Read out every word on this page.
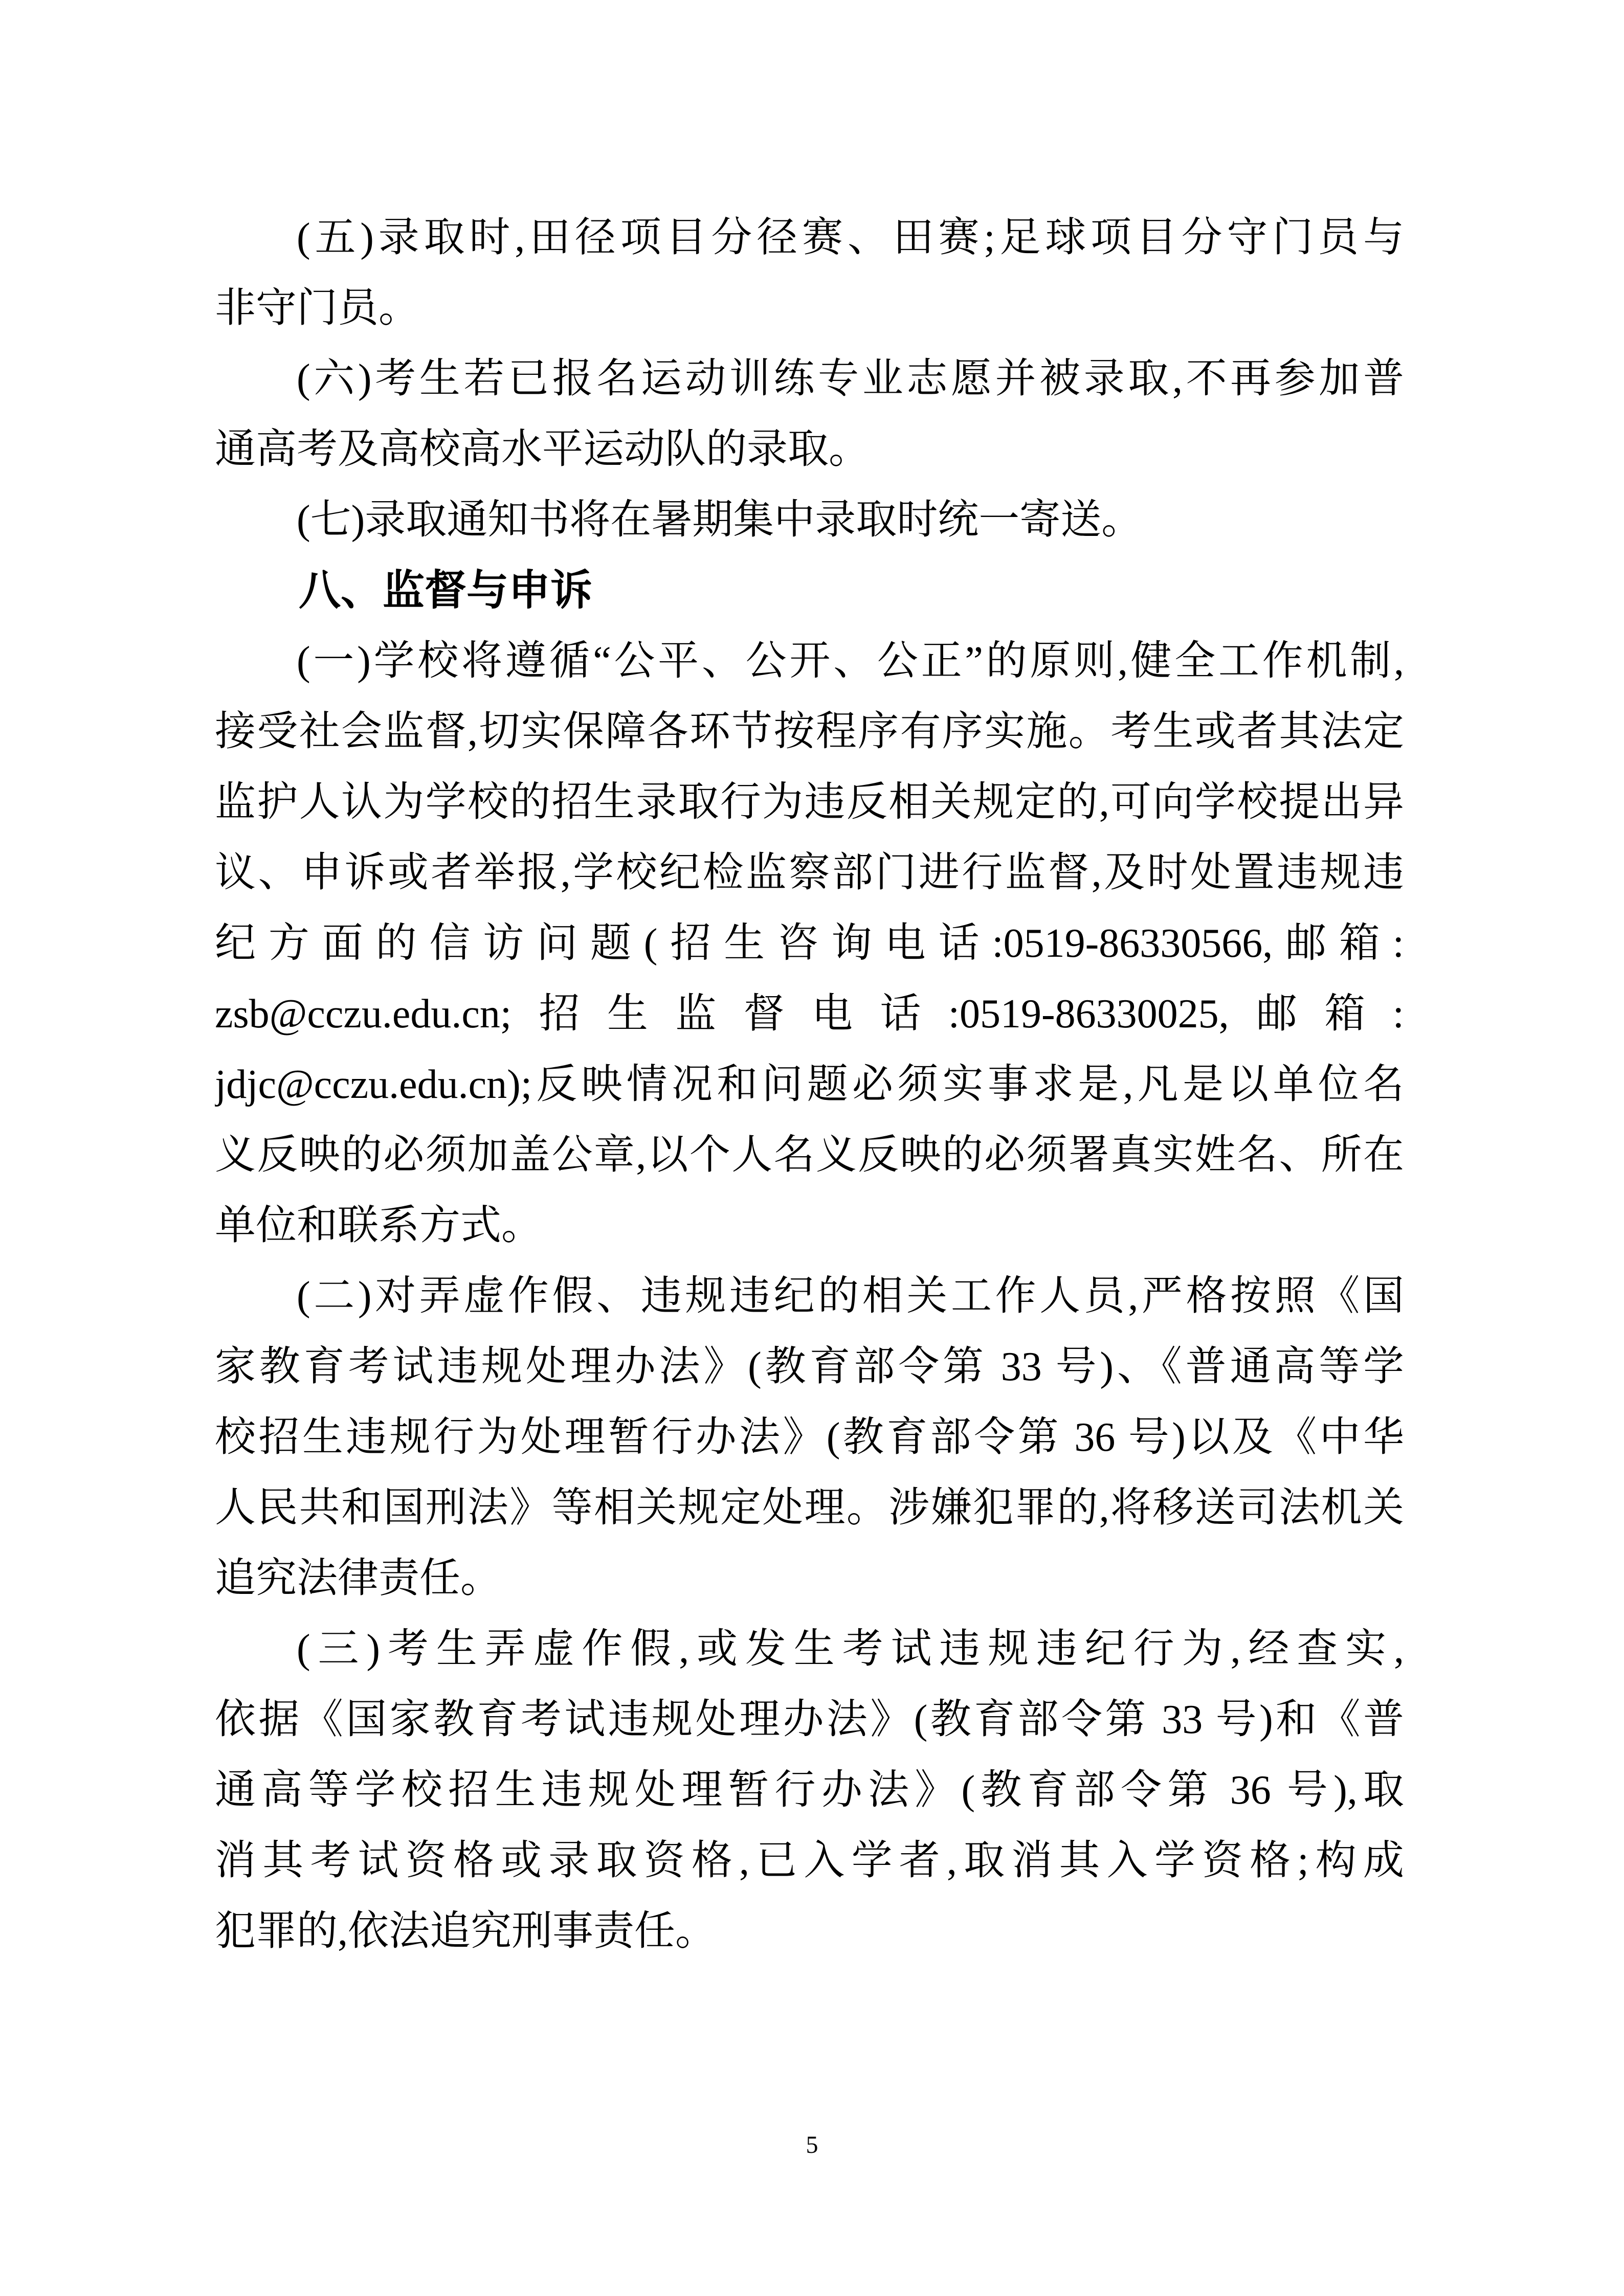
(五)录取时,田径项目分径赛、田赛;足球项目分守门员与
非守门员。
(六)考生若已报名运动训练专业志愿并被录取,不再参加普
通高考及高校高水平运动队的录取。
(七)录取通知书将在暑期集中录取时统一寄送。
八、监督与申诉
(一)学校将遵循“公平、公开、公正”的原则,健全工作机制,
接受社会监督,切实保障各环节按程序有序实施。考生或者其法定
监护人认为学校的招生录取行为违反相关规定的,可向学校提出异
议、申诉或者举报,学校纪检监察部门进行监督,及时处置违规违
纪方面的信访问题(招生咨询电话:0519-86330566,邮箱:
zsb@cczu.edu.cn;招生监督电话:0519-86330025,邮箱:
jdjc@cczu.edu.cn);反映情况和问题必须实事求是,凡是以单位名
义反映的必须加盖公章,以个人名义反映的必须署真实姓名、所在
单位和联系方式。
(二)对弄虚作假、违规违纪的相关工作人员,严格按照《国
家教育考试违规处理办法》(教育部令第 33 号)、《普通高等学
校招生违规行为处理暂行办法》(教育部令第 36 号)以及《中华
人民共和国刑法》等相关规定处理。涉嫌犯罪的,将移送司法机关
追究法律责任。
(三)考生弄虚作假,或发生考试违规违纪行为,经查实,
依据《国家教育考试违规处理办法》(教育部令第 33 号)和《普
通高等学校招生违规处理暂行办法》(教育部令第 36 号),取
消其考试资格或录取资格,已入学者,取消其入学资格;构成
犯罪的,依法追究刑事责任。
5
